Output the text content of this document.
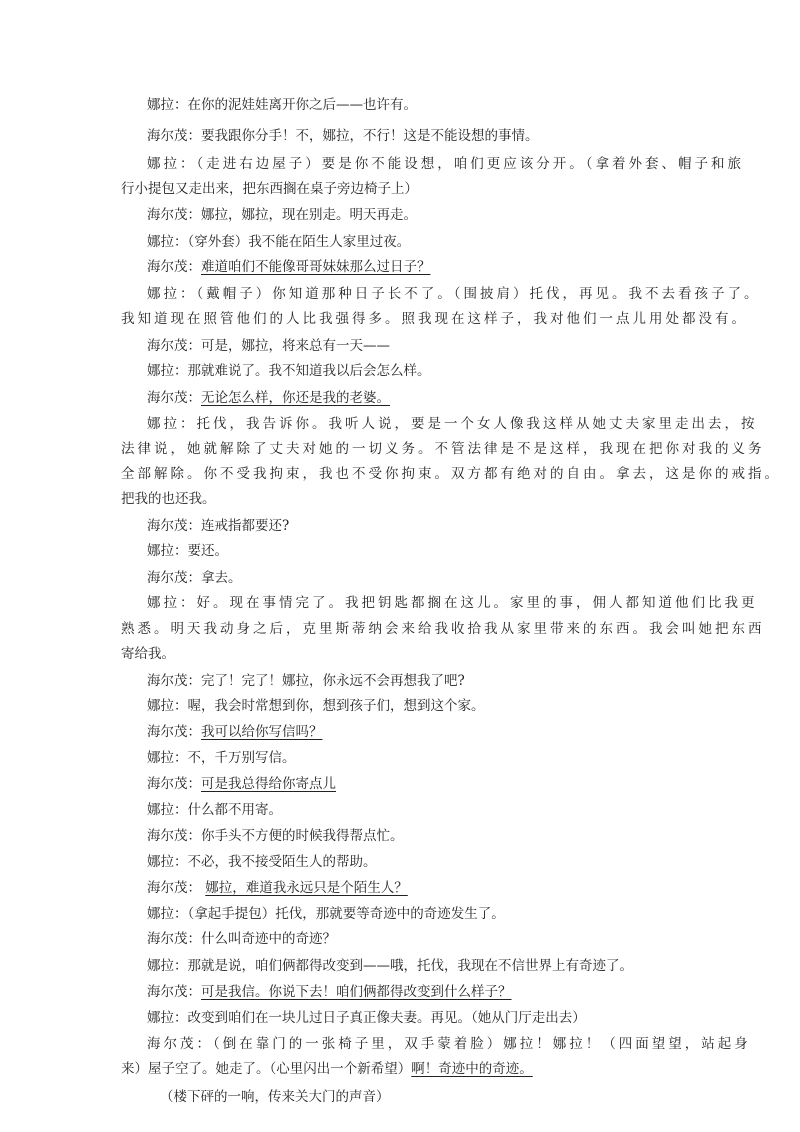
娜拉：在你的泥娃娃离开你之后——也许有。
海尔茂：要我跟你分手！不，娜拉，不行！这是不能设想的事情。
娜拉：（走进右边屋子）要是你不能设想，咱们更应该分开。（拿着外套、帽子和旅
行小提包又走出来，把东西搁在桌子旁边椅子上）
海尔茂：娜拉，娜拉，现在别走。明天再走。
娜拉：（穿外套）我不能在陌生人家里过夜。
海尔茂：难道咱们不能像哥哥妹妹那么过日子？
娜拉：（戴帽子）你知道那种日子长不了。（围披肩）托伐，再见。我不去看孩子了。
我知道现在照管他们的人比我强得多。照我现在这样子，我对他们一点儿用处都没有。
海尔茂：可是，娜拉，将来总有一天——
娜拉：那就难说了。我不知道我以后会怎么样。
海尔茂：无论怎么样，你还是我的老婆。
娜拉：托伐，我告诉你。我听人说，要是一个女人像我这样从她丈夫家里走出去，按
法律说，她就解除了丈夫对她的一切义务。不管法律是不是这样，我现在把你对我的义务
全部解除。你不受我拘束，我也不受你拘束。双方都有绝对的自由。拿去，这是你的戒指。
把我的也还我。
海尔茂：连戒指都要还?
娜拉：要还。
海尔茂：拿去。
娜拉：好。现在事情完了。我把钥匙都搁在这儿。家里的事，佣人都知道他们比我更
熟悉。明天我动身之后，克里斯蒂纳会来给我收拾我从家里带来的东西。我会叫她把东西
寄给我。
海尔茂：完了！完了！娜拉，你永远不会再想我了吧?
娜拉：喔，我会时常想到你，想到孩子们，想到这个家。
海尔茂：我可以给你写信吗？
娜拉：不，千万别写信。
海尔茂：可是我总得给你寄点儿
娜拉：什么都不用寄。
海尔茂：你手头不方便的时候我得帮点忙。
娜拉：不必，我不接受陌生人的帮助。
海尔茂： 娜拉，难道我永远只是个陌生人？
娜拉：（拿起手提包）托伐，那就要等奇迹中的奇迹发生了。
海尔茂：什么叫奇迹中的奇迹？
娜拉：那就是说，咱们俩都得改变到——哦，托伐，我现在不信世界上有奇迹了。
海尔茂：可是我信。你说下去！咱们俩都得改变到什么样子？
娜拉：改变到咱们在一块儿过日子真正像夫妻。再见。（她从门厅走出去）
海尔茂：（倒在靠门的一张椅子里，双手蒙着脸）娜拉！娜拉！（四面望望，站起身
来）屋子空了。她走了。（心里闪出一个新希望）啊！奇迹中的奇迹。
（楼下砰的一响，传来关大门的声音）
